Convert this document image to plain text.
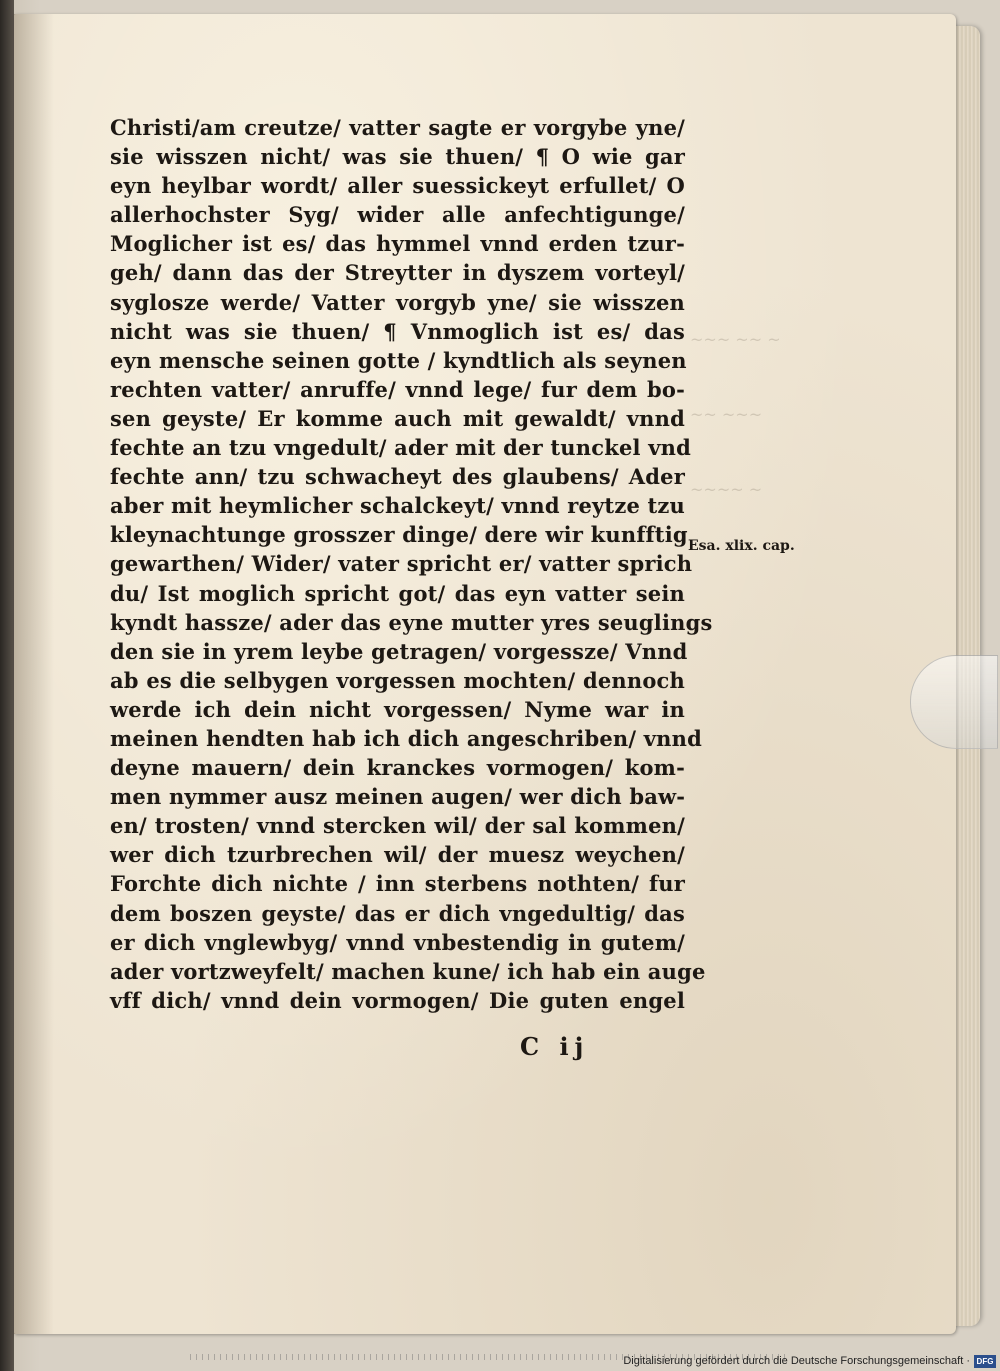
~~~ ~~ ~
~~ ~~~
~~~~ ~
Christi/am creutze/ vatter sagte er vorgybe yne/
sie wisszen nicht/ was sie thuen/ ¶ O wie gar
eyn heylbar wordt/ aller suessickeyt erfullet/ O
allerhochster Syg/ wider alle anfechtigunge/
Moglicher ist es/ das hymmel vnnd erden tzur-
geh/ dann das der Streytter in dyszem vorteyl/
sygloszе werde/ Vatter vorgyb yne/ sie wisszen
nicht was sie thuen/ ¶ Vnmoglich ist es/ das
eyn mensche seinen gotte / kyndtlich als seynen
rechten vatter/ anruffe/ vnnd lege/ fur dem bo-
sen geyste/ Er komme auch mit gewaldt/ vnnd
fechte an tzu vngedult/ ader mit der tunckel vnd
fechte ann/ tzu schwacheyt des glaubens/ Ader
aber mit heymlicher schalckeyt/ vnnd reytze tzu
kleynachtunge grosszer dinge/ dere wir kunfftig
gewarthen/ Wider/ vater spricht er/ vatter sprich
du/ Ist moglich spricht got/ das eyn vatter sein
kyndt hassze/ ader das eyne mutter yres seuglings
den sie in yrem leybe getragen/ vorgessze/ Vnnd
ab es die selbygen vorgessen mochten/ dennoch
werde ich dein nicht vorgessen/ Nyme war in
meinen hendten hab ich dich angeschriben/ vnnd
deyne mauern/ dein kranckes vormogen/ kom-
men nymmer ausz meinen augen/ wer dich baw-
en/ trosten/ vnnd stercken wil/ der sal kommen/
wer dich tzurbrechen wil/ der muesz weychen/
Forchte dich nichte / inn sterbens nothten/ fur
dem boszen geyste/ das er dich vngedultig/ das
er dich vnglewbyg/ vnnd vnbestendig in gutem/
ader vortzweyfelt/ machen kune/ ich hab ein auge
vff dich/ vnnd dein vormogen/ Die guten engel
Esa. xlix. cap.
C ij
Digitalisierung gefördert durch die Deutsche Forschungsgemeinschaft · DFG
